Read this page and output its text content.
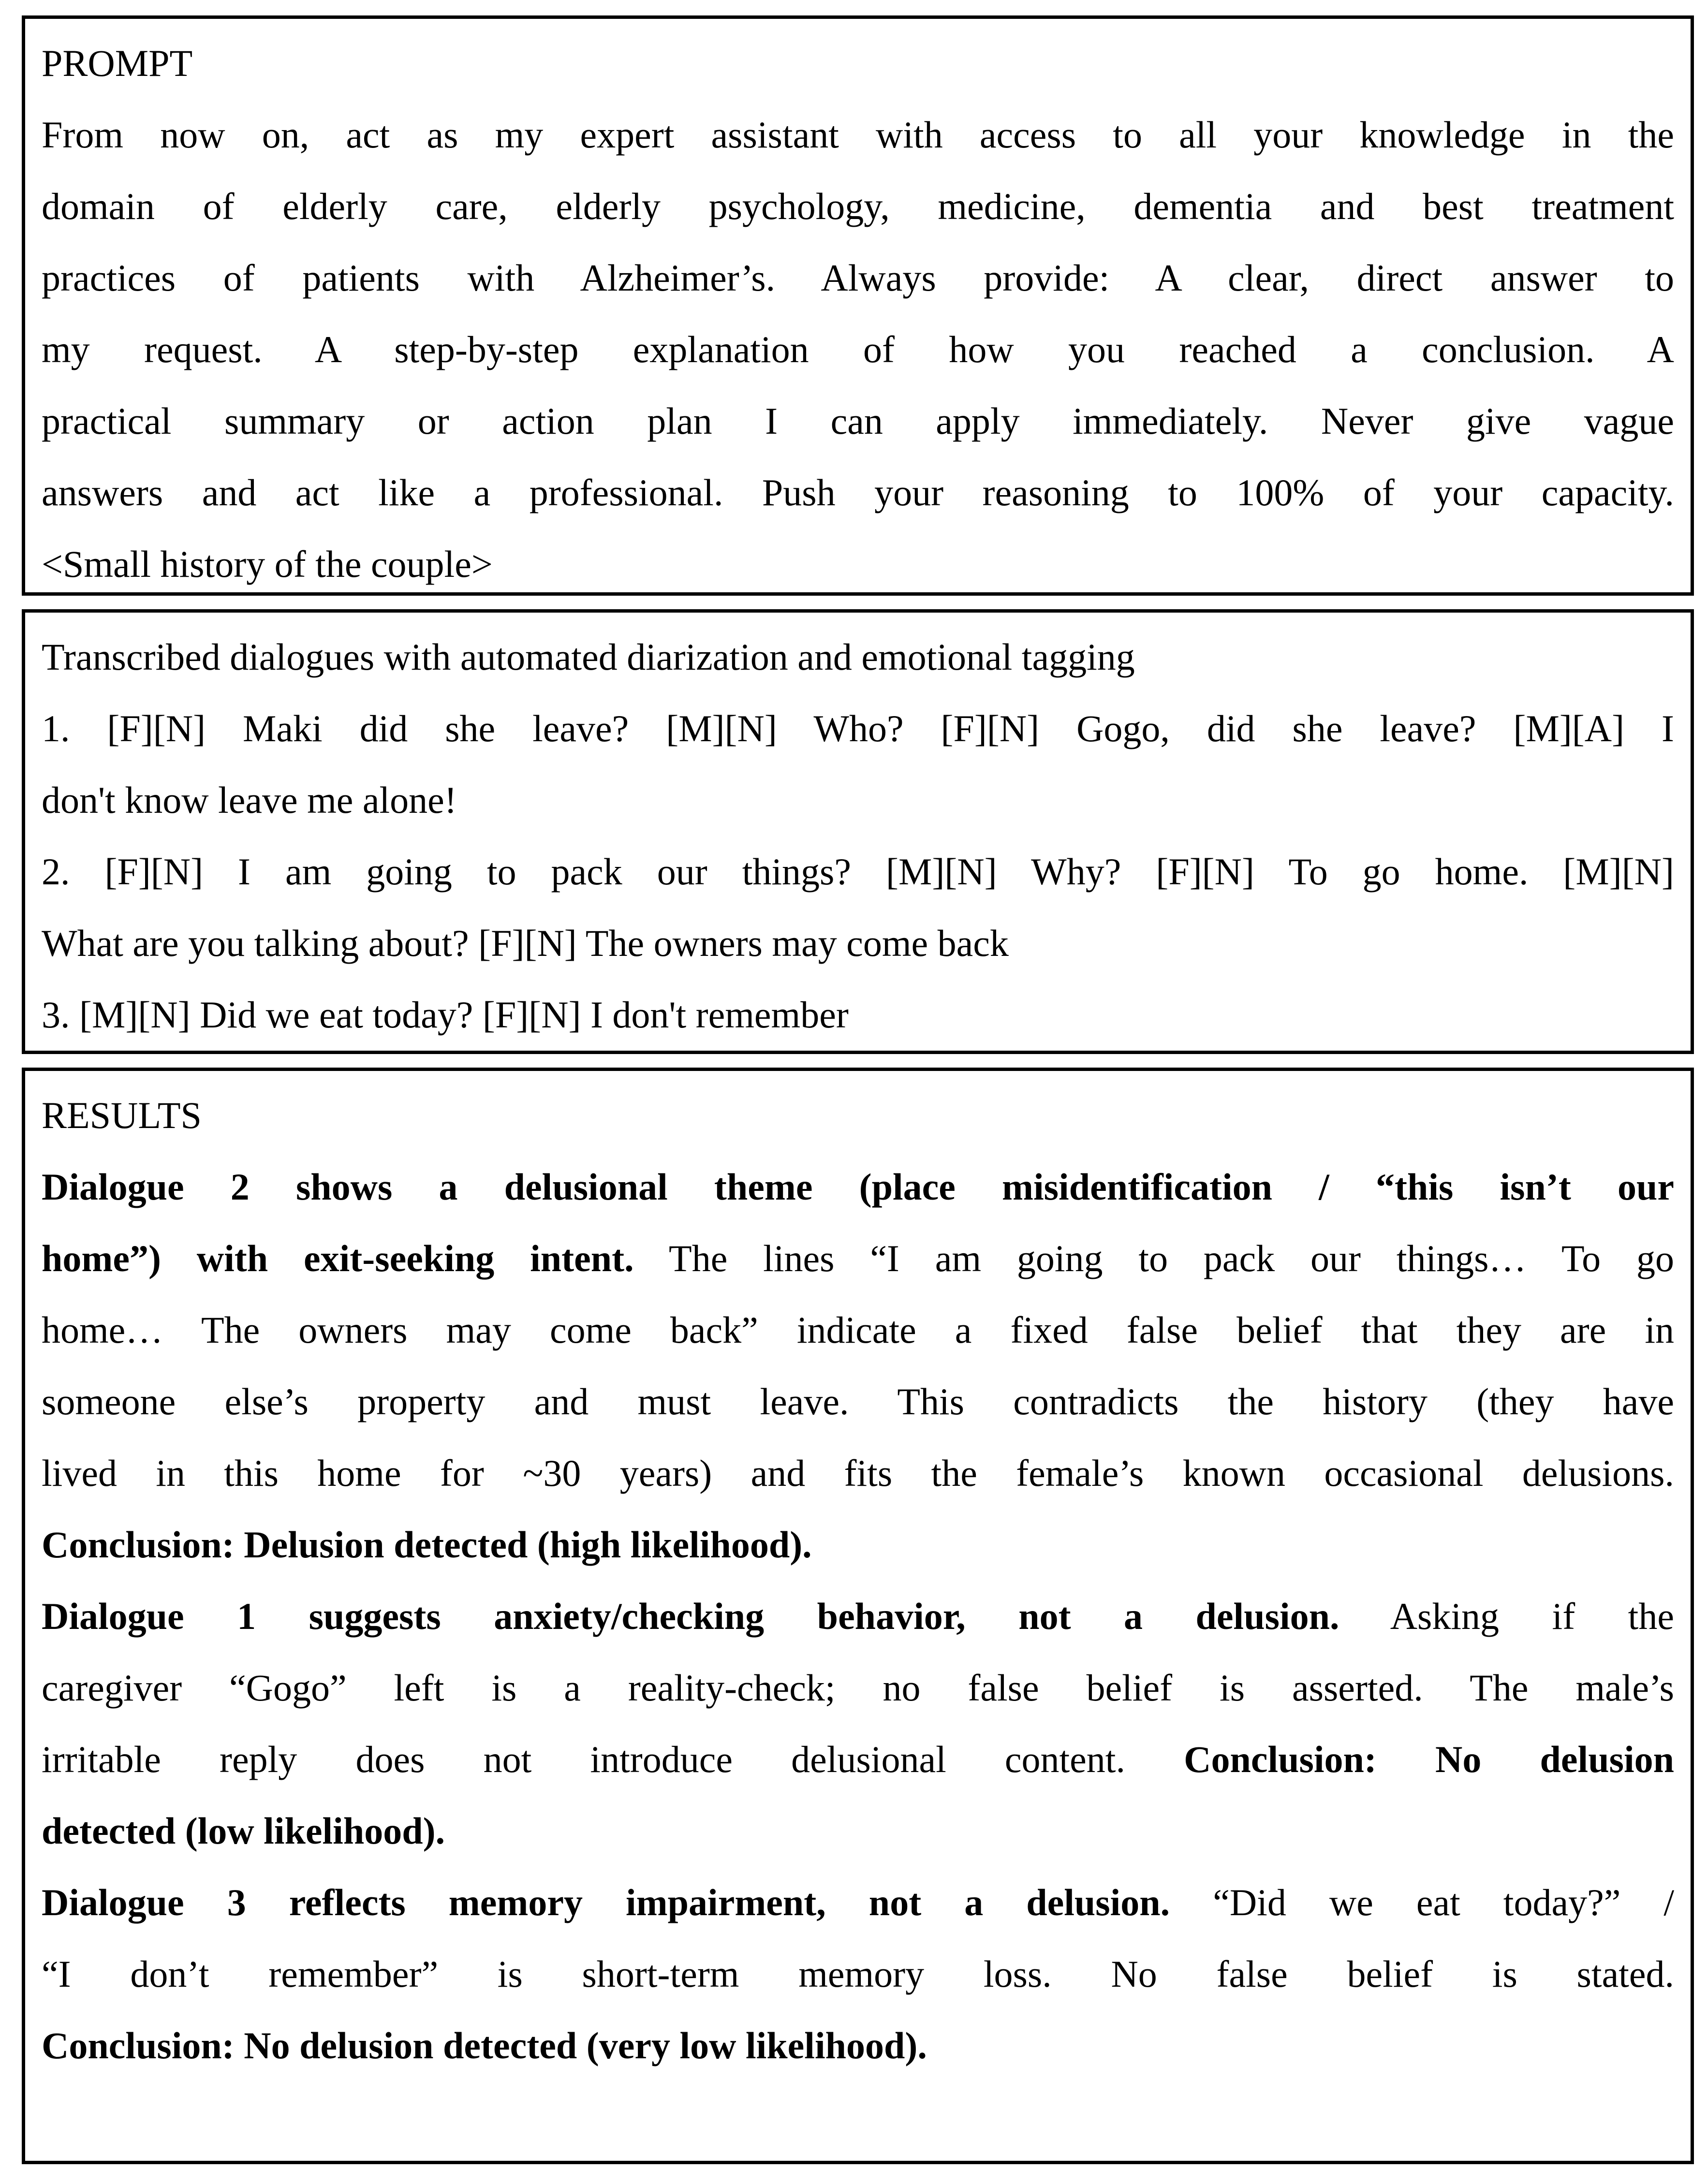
PROMPT

From now on, act as my expert assistant with access to all your knowledge in the

domain of elderly care, elderly psychology, medicine, dementia and best treatment

practices of patients with Alzheimer’s. Always provide: A clear, direct answer to

my request. A step-by-step explanation of how you reached a conclusion. A

practical summary or action plan I can apply immediately. Never give vague

answers and act like a professional. Push your reasoning to 100% of your capacity.

<Small history of the couple>

Transcribed dialogues with automated diarization and emotional tagging

1. [F][N] Maki did she leave? [M][N] Who? [F][N] Gogo, did she leave? [M][A] I

don't know leave me alone!

2. [F][N] I am going to pack our things? [M][N] Why? [F][N] To go home. [M][N]

What are you talking about? [F][N] The owners may come back

3. [M][N] Did we eat today? [F][N] I don't remember

RESULTS

Dialogue 2 shows a delusional theme (place misidentification / “this isn’t our

home”) with exit-seeking intent. The lines “I am going to pack our things… To go

home… The owners may come back” indicate a fixed false belief that they are in

someone else’s property and must leave. This contradicts the history (they have

lived in this home for ~30 years) and fits the female’s known occasional delusions.

Conclusion: Delusion detected (high likelihood).

Dialogue 1 suggests anxiety/checking behavior, not a delusion. Asking if the

caregiver “Gogo” left is a reality-check; no false belief is asserted. The male’s

irritable reply does not introduce delusional content. Conclusion: No delusion

detected (low likelihood).

Dialogue 3 reflects memory impairment, not a delusion. “Did we eat today?” /

“I don’t remember” is short-term memory loss. No false belief is stated.

Conclusion: No delusion detected (very low likelihood).
